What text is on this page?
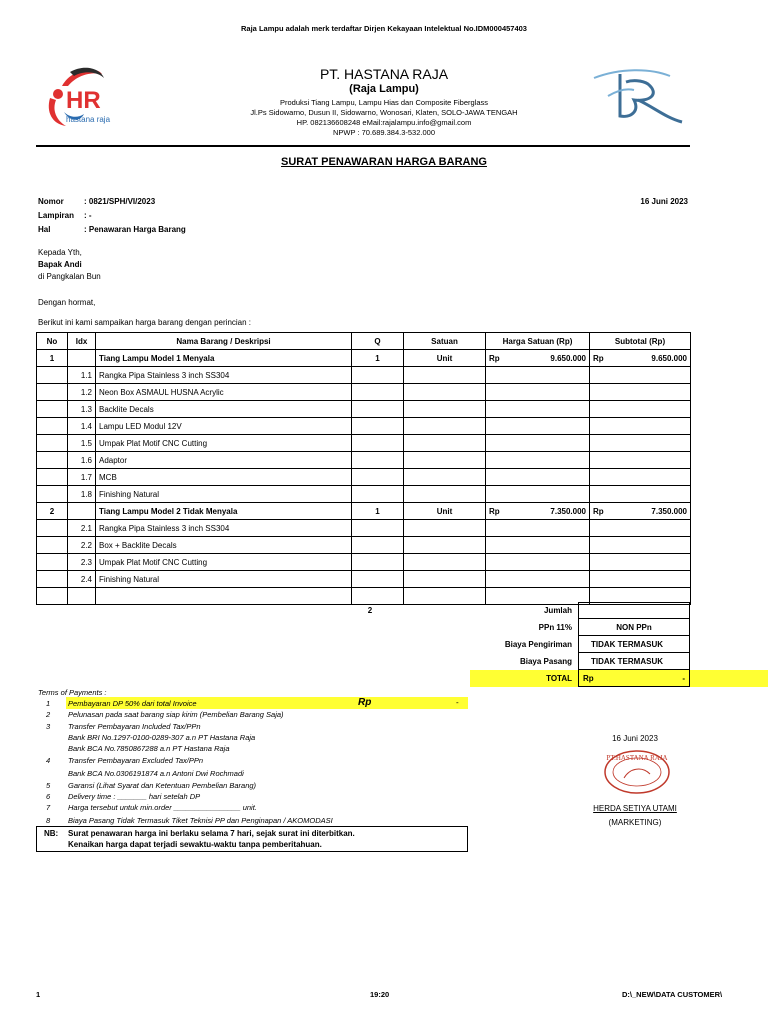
Raja Lampu adalah merk terdaftar Dirjen Kekayaan Intelektual No.IDM000457403
HR
hastana raja
PT. HASTANA RAJA
(Raja Lampu)
Produksi Tiang Lampu, Lampu Hias dan Composite Fiberglass
Jl.Ps Sidowarno, Dusun II, Sidowarno, Wonosari, Klaten, SOLO-JAWA TENGAH
HP. 082136608248 eMail:rajalampu.info@gmail.com
NPWP : 70.689.384.3-532.000
SURAT PENAWARAN HARGA BARANG
Nomor	: 0821/SPH/VI/2023
Lampiran : -
Hal	: Penawaran Harga Barang
16 Juni 2023
Kepada Yth,
Bapak Andi
di Pangkalan Bun
Dengan hormat,
Berikut ini kami sampaikan harga barang dengan perincian :
No	Idx	Nama Barang / Deskripsi	Q	Satuan	Harga Satuan (Rp)	Subtotal (Rp)
1		Tiang Lampu Model 1 Menyala	1	Unit	Rp 9.650.000	Rp 9.650.000

	1.1	Rangka Pipa Stainless 3 inch SS304			

	1.2	Neon Box ASMAUL HUSNA Acrylic			

	1.3	Backlite Decals			

	1.4	Lampu LED Modul 12V			

	1.5	Umpak Plat Motif CNC Cutting			

	1.6	Adaptor			

	1.7	MCB			

	1.8	Finishing Natural			

2		Tiang Lampu Model 2 Tidak Menyala	1	Unit	Rp 7.350.000	Rp 7.350.000

	2.1	Rangka Pipa Stainless 3 inch SS304			

	2.2	Box + Backlite Decals			

	2.3	Umpak Plat Motif CNC Cutting			

	2.4	Finishing Natural			

2	Jumlah
PPn 11%	NON PPn
Biaya Pengiriman	TIDAK TERMASUK
Biaya Pasang	TIDAK TERMASUK
TOTAL	Rp	-
Terms of Payments :
1 Pembayaran DP 50% dari total Invoice	Rp	-
2 Pelunasan pada saat barang siap kirim (Pembelian Barang Saja)
3 Transfer Pembayaran Included Tax/PPn
Bank BRI No.1297-0100-0289-307 a.n PT Hastana Raja
Bank BCA No.7850867288 a.n PT Hastana Raja
4 Transfer Pembayaran Excluded Tax/PPn
Bank BCA No.0306191874 a.n Antoni Dwi Rochmadi
5 Garansi (Lihat Syarat dan Ketentuan Pembelian Barang)
6 Delivery time : _______ hari setelah DP
7 Harga tersebut untuk min.order ________________ unit.
8 Biaya Pasang Tidak Termasuk Tiket Teknisi PP dan Penginapan / AKOMODASI
NB: Surat penawaran harga ini berlaku selama 7 hari, sejak surat ini diterbitkan.
Kenaikan harga dapat terjadi sewaktu-waktu tanpa pemberitahuan.
16 Juni 2023
PT.HASTANA RAJA
HERDA SETIYA UTAMI
(MARKETING)
1	19:20	D:\_NEW\DATA CUSTOMER\
